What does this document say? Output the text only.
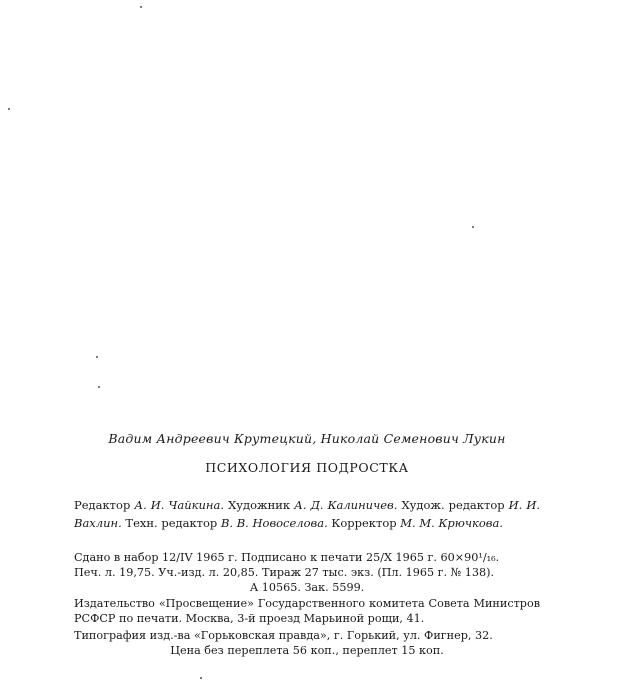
Вадим Андреевич Крутецкий, Николай Семенович Лукин
ПСИХОЛОГИЯ ПОДРОСТКА
Редактор А. И. Чайкина. Художник А. Д. Калиничев. Худож. редактор И. И. Вахлин. Техн. редактор В. В. Новоселова. Корректор М. М. Крючкова.
Сдано в набор 12/IV 1965 г. Подписано к печати 25/X 1965 г. 60×90¹/₁₆.
Печ. л. 19,75. Уч.-изд. л. 20,85. Тираж 27 тыс. экз. (Пл. 1965 г. № 138).
А 10565. Зак. 5599.
Издательство «Просвещение» Государственного комитета Совета Министров РСФСР по печати. Москва, 3-й проезд Марьиной рощи, 41.
Типография изд.-ва «Горьковская правда», г. Горький, ул. Фигнер, 32.
Цена без переплета 56 коп., переплет 15 коп.
